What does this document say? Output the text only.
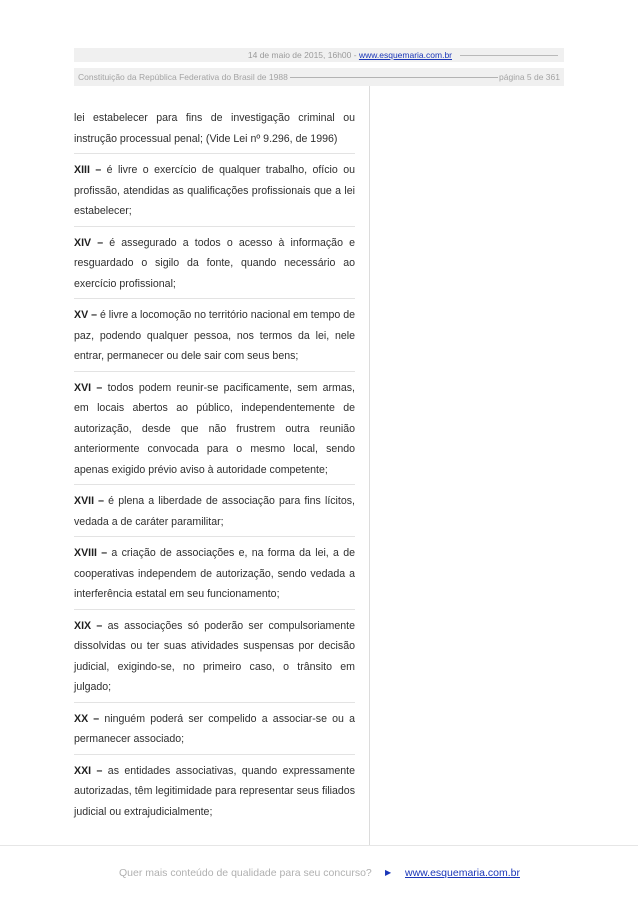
14 de maio de 2015, 16h00 - www.esquemaria.com.br
Constituição da República Federativa do Brasil de 1988	página 5 de 361

lei estabelecer para fins de investigação criminal ou instrução processual penal; (Vide Lei nº 9.296, de 1996)

XIII – é livre o exercício de qualquer trabalho, ofício ou profissão, atendidas as qualificações profissionais que a lei estabelecer;

XIV – é assegurado a todos o acesso à informação e resguardado o sigilo da fonte, quando necessário ao exercício profissional;

XV – é livre a locomoção no território nacional em tempo de paz, podendo qualquer pessoa, nos termos da lei, nele entrar, permanecer ou dele sair com seus bens;

XVI – todos podem reunir-se pacificamente, sem armas, em locais abertos ao público, independentemente de autorização, desde que não frustrem outra reunião anteriormente convocada para o mesmo local, sendo apenas exigido prévio aviso à autoridade competente;

XVII – é plena a liberdade de associação para fins lícitos, vedada a de caráter paramilitar;

XVIII – a criação de associações e, na forma da lei, a de cooperativas independem de autorização, sendo vedada a interferência estatal em seu funcionamento;

XIX – as associações só poderão ser compulsoriamente dissolvidas ou ter suas atividades suspensas por decisão judicial, exigindo-se, no primeiro caso, o trânsito em julgado;

XX – ninguém poderá ser compelido a associar-se ou a permanecer associado;

XXI – as entidades associativas, quando expressamente autorizadas, têm legitimidade para representar seus filiados judicial ou extrajudicialmente;

Quer mais conteúdo de qualidade para seu concurso? ▶ www.esquemaria.com.br
